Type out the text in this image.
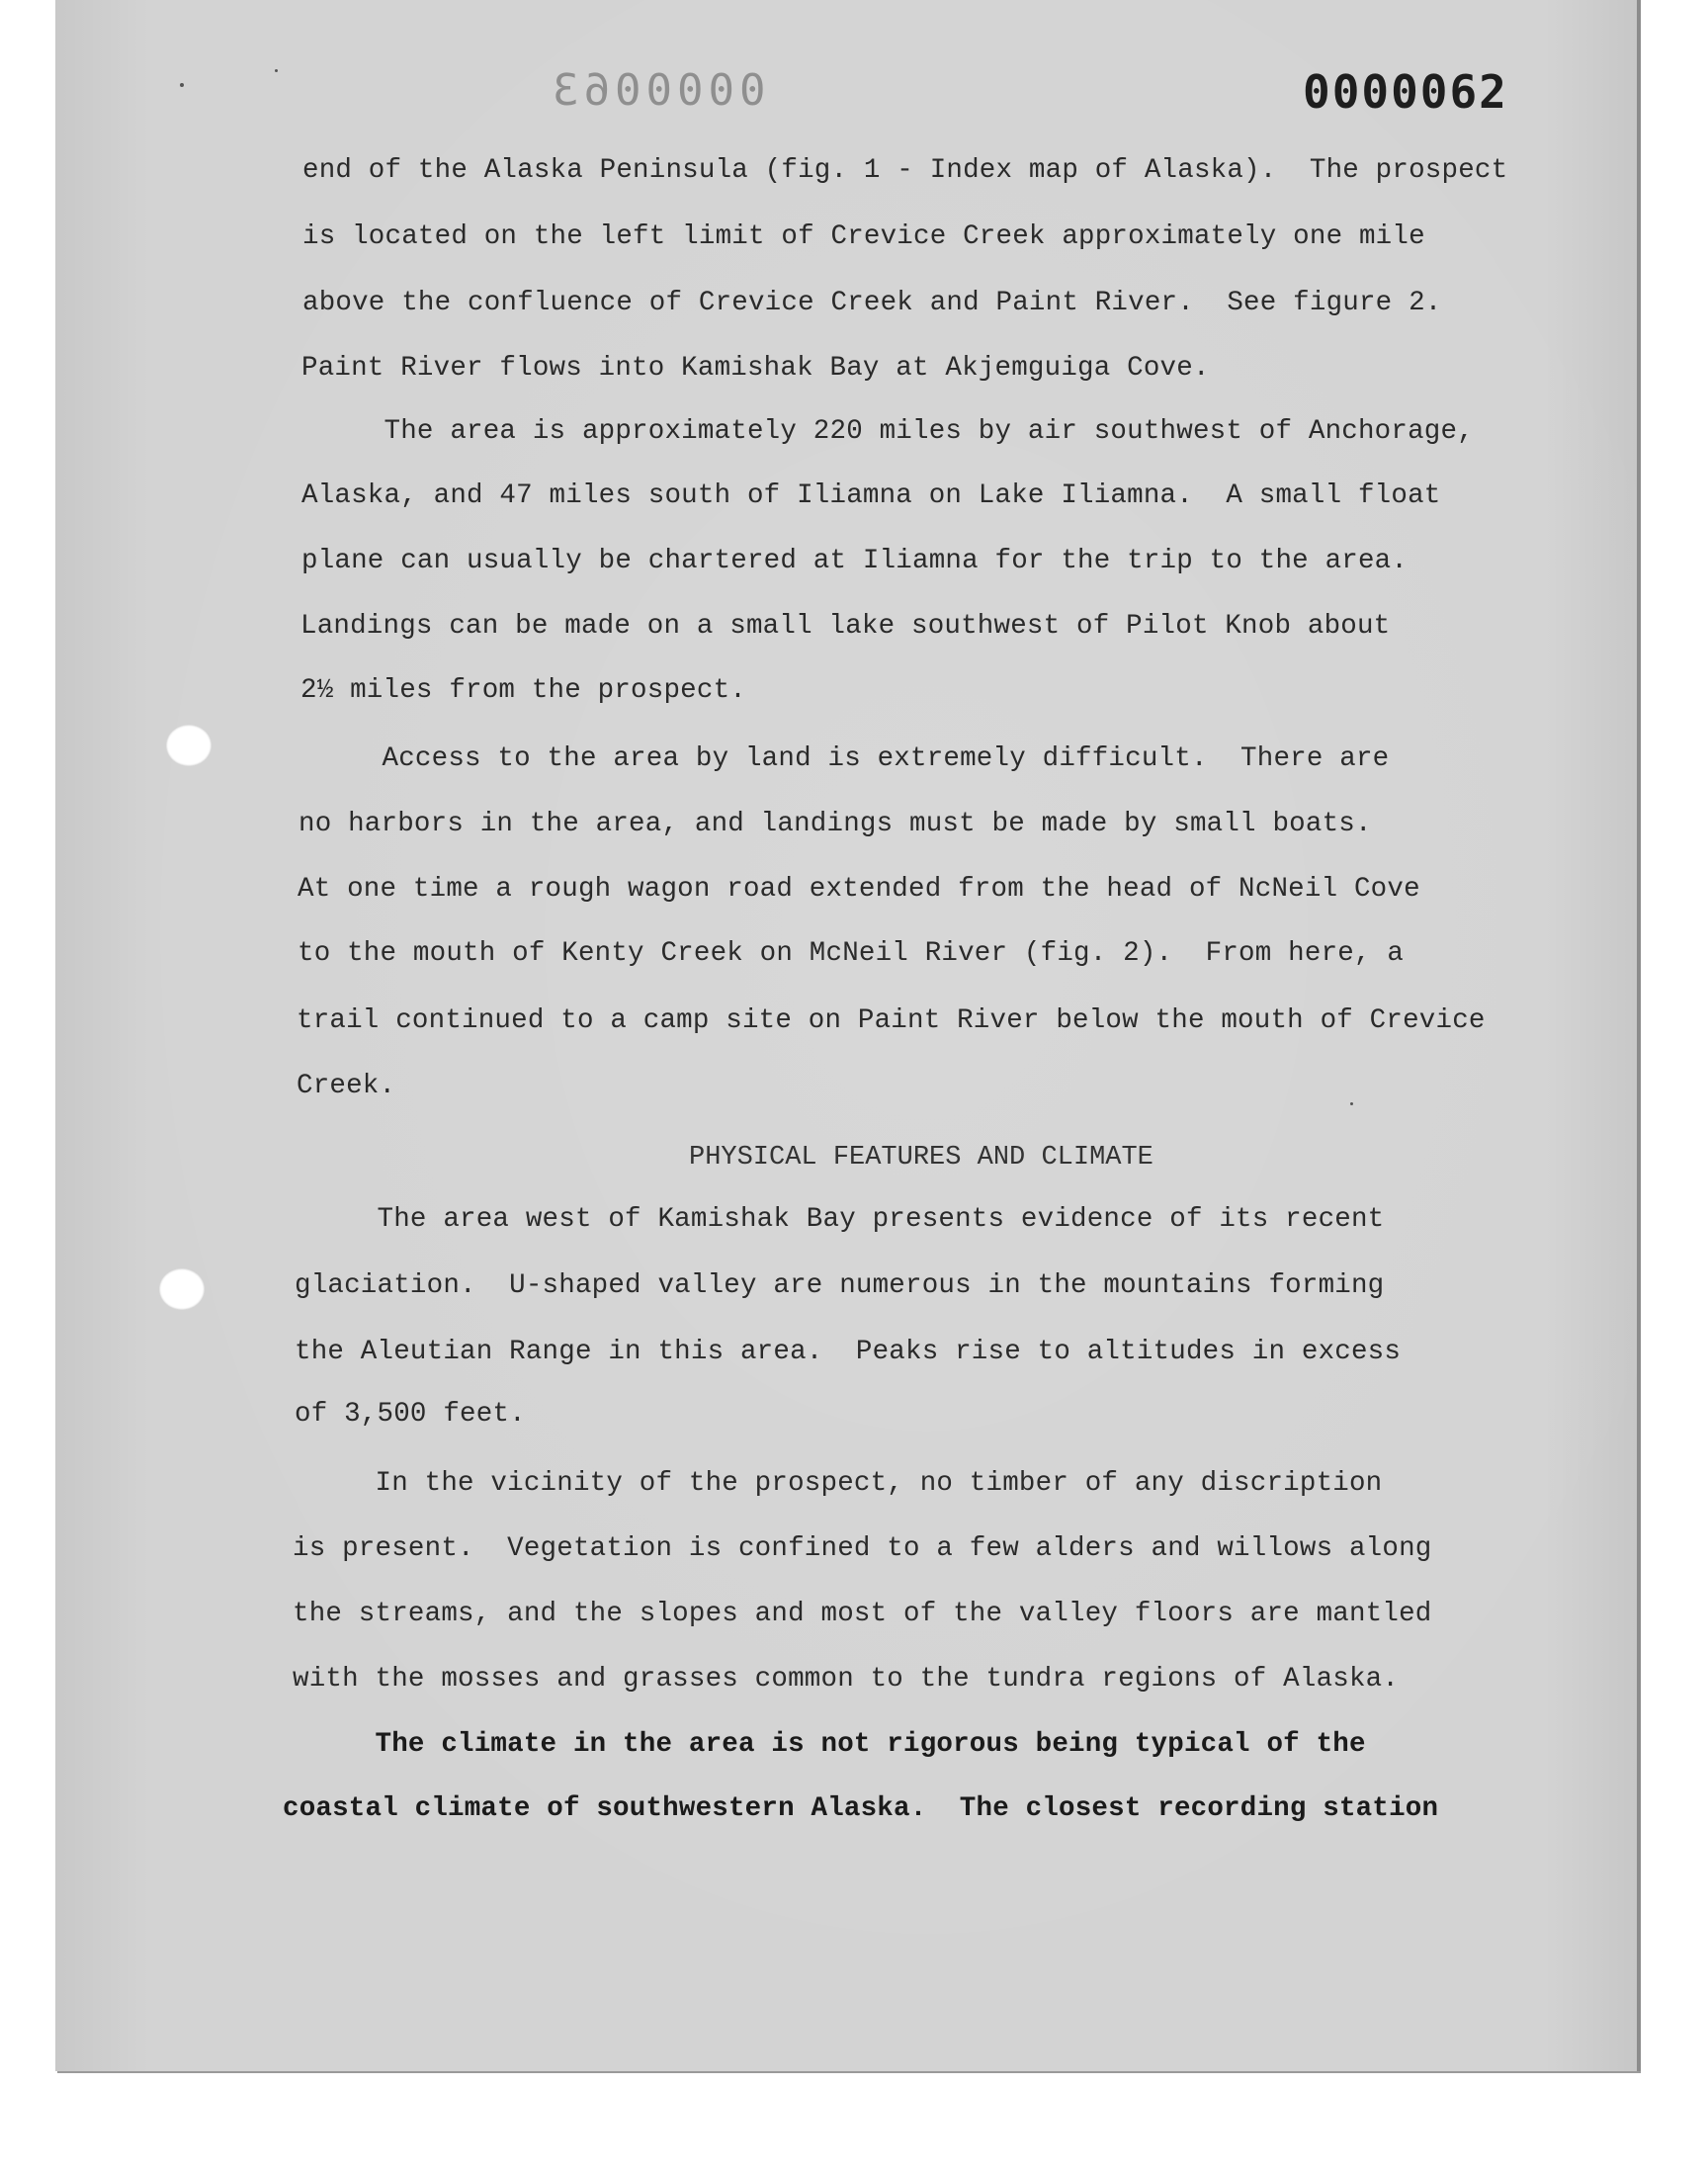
0000063	0000062
end of the Alaska Peninsula (fig. 1 - Index map of Alaska).  The prospect
is located on the left limit of Crevice Creek approximately one mile
above the confluence of Crevice Creek and Paint River.  See figure 2.
Paint River flows into Kamishak Bay at Akjemguiga Cove.
The area is approximately 220 miles by air southwest of Anchorage,
Alaska, and 47 miles south of Iliamna on Lake Iliamna.  A small float
plane can usually be chartered at Iliamna for the trip to the area.
Landings can be made on a small lake southwest of Pilot Knob about
2½ miles from the prospect.
Access to the area by land is extremely difficult.  There are
no harbors in the area, and landings must be made by small boats.
At one time a rough wagon road extended from the head of NcNeil Cove
to the mouth of Kenty Creek on McNeil River (fig. 2).  From here, a
trail continued to a camp site on Paint River below the mouth of Crevice
Creek.
PHYSICAL FEATURES AND CLIMATE
The area west of Kamishak Bay presents evidence of its recent
glaciation.  U-shaped valley are numerous in the mountains forming
the Aleutian Range in this area.  Peaks rise to altitudes in excess
of 3,500 feet.
In the vicinity of the prospect, no timber of any discription
is present.  Vegetation is confined to a few alders and willows along
the streams, and the slopes and most of the valley floors are mantled
with the mosses and grasses common to the tundra regions of Alaska.
The climate in the area is not rigorous being typical of the
coastal climate of southwestern Alaska.  The closest recording station
